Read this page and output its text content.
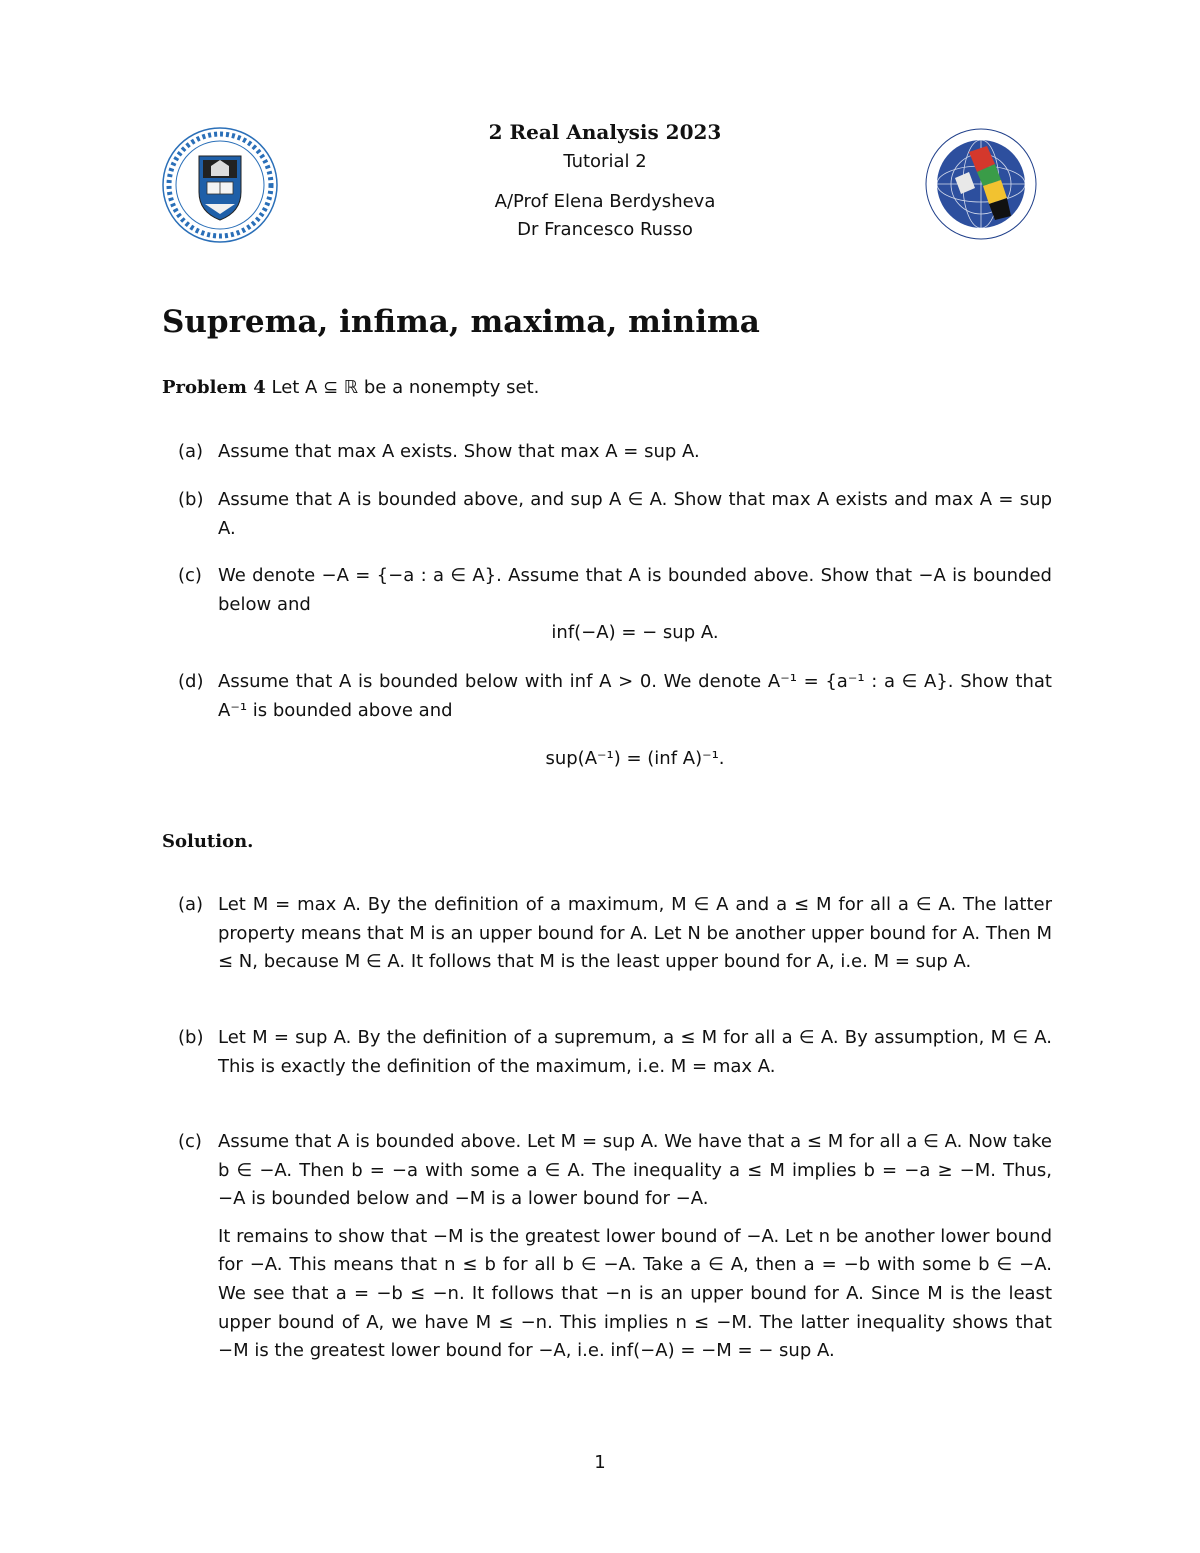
2 Real Analysis 2023
Tutorial 2
A/Prof Elena Berdysheva
Dr Francesco Russo
Suprema, infima, maxima, minima
Problem 4 Let A ⊆ ℝ be a nonempty set.
(a) Assume that max A exists. Show that max A = sup A.
(b) Assume that A is bounded above, and sup A ∈ A. Show that max A exists and max A = sup A.
(c) We denote −A = {−a : a ∈ A}. Assume that A is bounded above. Show that −A is bounded below and

inf(−A) = − sup A.

(d) Assume that A is bounded below with inf A > 0. We denote A⁻¹ = {a⁻¹ : a ∈ A}. Show that A⁻¹ is bounded above and

sup(A⁻¹) = (inf A)⁻¹.

Solution.
(a) Let M = max A. By the definition of a maximum, M ∈ A and a ≤ M for all a ∈ A. The latter property means that M is an upper bound for A. Let N be another upper bound for A. Then M ≤ N, because M ∈ A. It follows that M is the least upper bound for A, i.e. M = sup A.
(b) Let M = sup A. By the definition of a supremum, a ≤ M for all a ∈ A. By assumption, M ∈ A. This is exactly the definition of the maximum, i.e. M = max A.
(c) Assume that A is bounded above. Let M = sup A. We have that a ≤ M for all a ∈ A. Now take b ∈ −A. Then b = −a with some a ∈ A. The inequality a ≤ M implies b = −a ≥ −M. Thus, −A is bounded below and −M is a lower bound for −A.

It remains to show that −M is the greatest lower bound of −A. Let n be another lower bound for −A. This means that n ≤ b for all b ∈ −A. Take a ∈ A, then a = −b with some b ∈ −A. We see that a = −b ≤ −n. It follows that −n is an upper bound for A. Since M is the least upper bound of A, we have M ≤ −n. This implies n ≤ −M. The latter inequality shows that −M is the greatest lower bound for −A, i.e. inf(−A) = −M = − sup A.

1
